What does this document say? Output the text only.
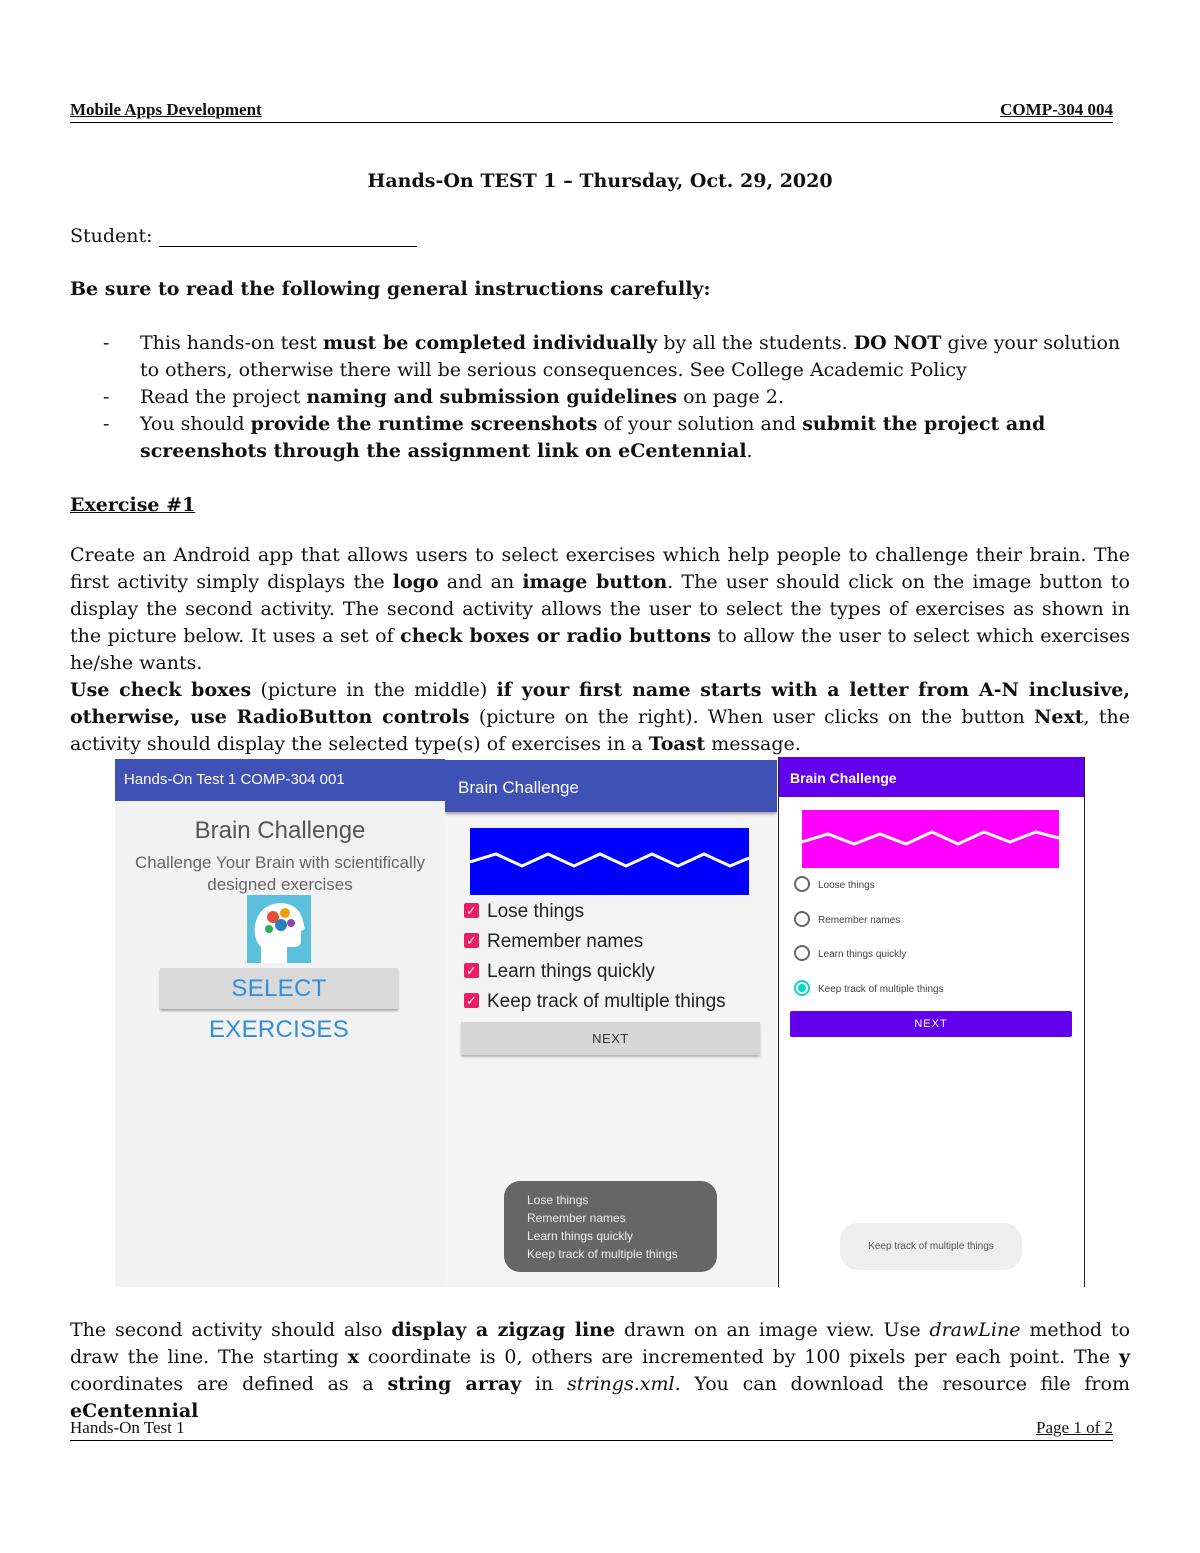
Mobile Apps Development	COMP-304 004
Hands-On TEST 1 – Thursday, Oct. 29, 2020
Student:
Be sure to read the following general instructions carefully:
- This hands-on test must be completed individually by all the students. DO NOT give your solution to others, otherwise there will be serious consequences. See College Academic Policy
- Read the project naming and submission guidelines on page 2.
- You should provide the runtime screenshots of your solution and submit the project and screenshots through the assignment link on eCentennial.
Exercise #1
Create an Android app that allows users to select exercises which help people to challenge their brain. The first activity simply displays the logo and an image button. The user should click on the image button to display the second activity. The second activity allows the user to select the types of exercises as shown in the picture below. It uses a set of check boxes or radio buttons to allow the user to select which exercises he/she wants.
Use check boxes (picture in the middle) if your first name starts with a letter from A-N inclusive, otherwise, use RadioButton controls (picture on the right). When user clicks on the button Next, the activity should display the selected type(s) of exercises in a Toast message.
Hands-On Test 1 COMP-304 001
Brain Challenge
Challenge Your Brain with scientifically designed exercises
SELECT EXERCISES
Brain Challenge
✓ Lose things
✓ Remember names
✓ Learn things quickly
✓ Keep track of multiple things
NEXT
Lose things
Remember names
Learn things quickly
Keep track of multiple things
Brain Challenge
Loose things
Remember names
Learn things quickly
Keep track of multiple things
NEXT
Keep track of multiple things
The second activity should also display a zigzag line drawn on an image view. Use drawLine method to draw the line. The starting x coordinate is 0, others are incremented by 100 pixels per each point. The y coordinates are defined as a string array in strings.xml. You can download the resource file from eCentennial
Hands-On Test 1	Page 1 of 2
